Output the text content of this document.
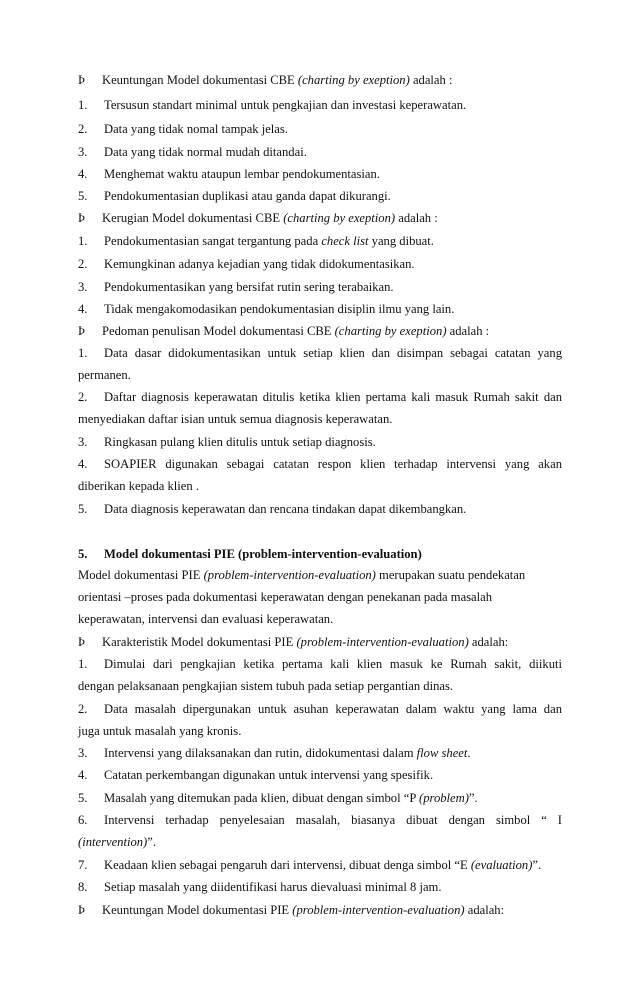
Þ Keuntungan Model dokumentasi CBE (charting by exeption) adalah :
1. Tersusun standart minimal untuk pengkajian dan investasi keperawatan.
2. Data yang tidak nomal tampak jelas.
3. Data yang tidak normal mudah ditandai.
4. Menghemat waktu ataupun lembar pendokumentasian.
5. Pendokumentasian duplikasi atau ganda dapat dikurangi.
Þ Kerugian Model dokumentasi CBE (charting by exeption) adalah :
1. Pendokumentasian sangat tergantung pada check list yang dibuat.
2. Kemungkinan adanya kejadian yang tidak didokumentasikan.
3. Pendokumentasikan yang bersifat rutin sering terabaikan.
4. Tidak mengakomodasikan pendokumentasian disiplin ilmu yang lain.
Þ Pedoman penulisan Model dokumentasi CBE (charting by exeption) adalah :
1. Data dasar didokumentasikan untuk setiap klien dan disimpan sebagai catatan yang
permanen.
2. Daftar diagnosis keperawatan ditulis ketika klien pertama kali masuk Rumah sakit dan
menyediakan daftar isian untuk semua diagnosis keperawatan.
3. Ringkasan pulang klien ditulis untuk setiap diagnosis.
4. SOAPIER digunakan sebagai catatan respon klien terhadap intervensi yang akan
diberikan kepada klien .
5. Data diagnosis keperawatan dan rencana tindakan dapat dikembangkan.
5. Model dokumentasi PIE (problem-intervention-evaluation)
Model dokumentasi PIE (problem-intervention-evaluation) merupakan suatu pendekatan
orientasi –proses pada dokumentasi keperawatan dengan penekanan pada masalah
keperawatan, intervensi dan evaluasi keperawatan.
Þ Karakteristik Model dokumentasi PIE (problem-intervention-evaluation) adalah:
1. Dimulai dari pengkajian ketika pertama kali klien masuk ke Rumah sakit, diikuti
dengan pelaksanaan pengkajian sistem tubuh pada setiap pergantian dinas.
2. Data masalah dipergunakan untuk asuhan keperawatan dalam waktu yang lama dan
juga untuk masalah yang kronis.
3. Intervensi yang dilaksanakan dan rutin, didokumentasi dalam flow sheet.
4. Catatan perkembangan digunakan untuk intervensi yang spesifik.
5. Masalah yang ditemukan pada klien, dibuat dengan simbol “P (problem)”.
6. Intervensi terhadap penyelesaian masalah, biasanya dibuat dengan simbol “ I
(intervention)”.
7. Keadaan klien sebagai pengaruh dari intervensi, dibuat denga simbol “E (evaluation)”.
8. Setiap masalah yang diidentifikasi harus dievaluasi minimal 8 jam.
Þ Keuntungan Model dokumentasi PIE (problem-intervention-evaluation) adalah:
